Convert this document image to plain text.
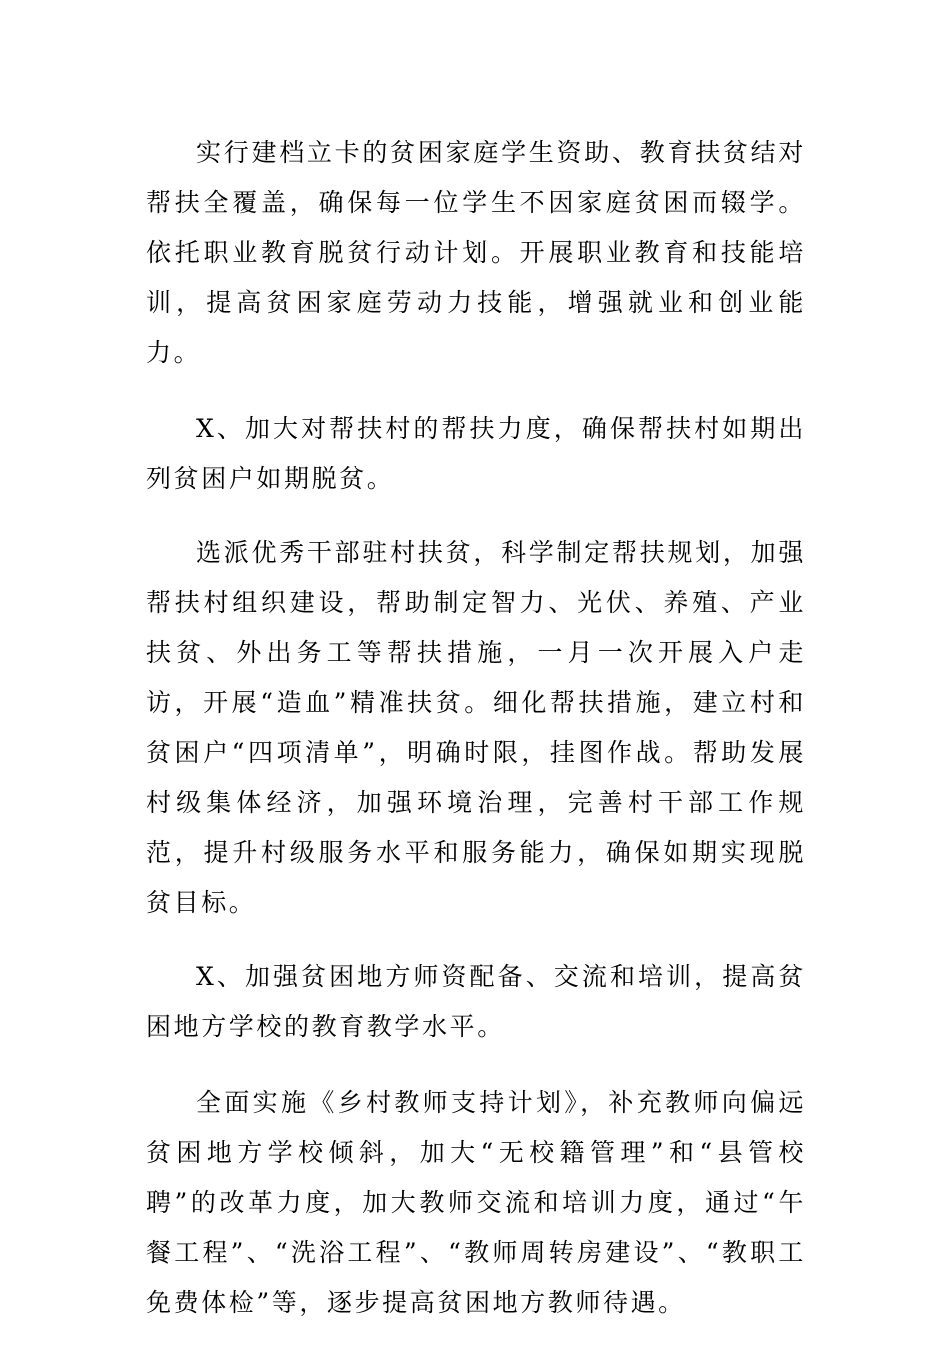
实行建档立卡的贫困家庭学生资助、教育扶贫结对帮扶全覆盖，确保每一位学生不因家庭贫困而辍学。依托职业教育脱贫行动计划。开展职业教育和技能培训，提高贫困家庭劳动力技能，增强就业和创业能力。

X、加大对帮扶村的帮扶力度，确保帮扶村如期出列贫困户如期脱贫。

选派优秀干部驻村扶贫，科学制定帮扶规划，加强帮扶村组织建设，帮助制定智力、光伏、养殖、产业扶贫、外出务工等帮扶措施，一月一次开展入户走访，开展“造血”精准扶贫。细化帮扶措施，建立村和贫困户“四项清单”，明确时限，挂图作战。帮助发展村级集体经济，加强环境治理，完善村干部工作规范，提升村级服务水平和服务能力，确保如期实现脱贫目标。

X、加强贫困地方师资配备、交流和培训，提高贫困地方学校的教育教学水平。

全面实施《乡村教师支持计划》，补充教师向偏远贫困地方学校倾斜，加大“无校籍管理”和“县管校聘”的改革力度，加大教师交流和培训力度，通过“午餐工程”、“洗浴工程”、“教师周转房建设”、“教职工免费体检”等，逐步提高贫困地方教师待遇。
